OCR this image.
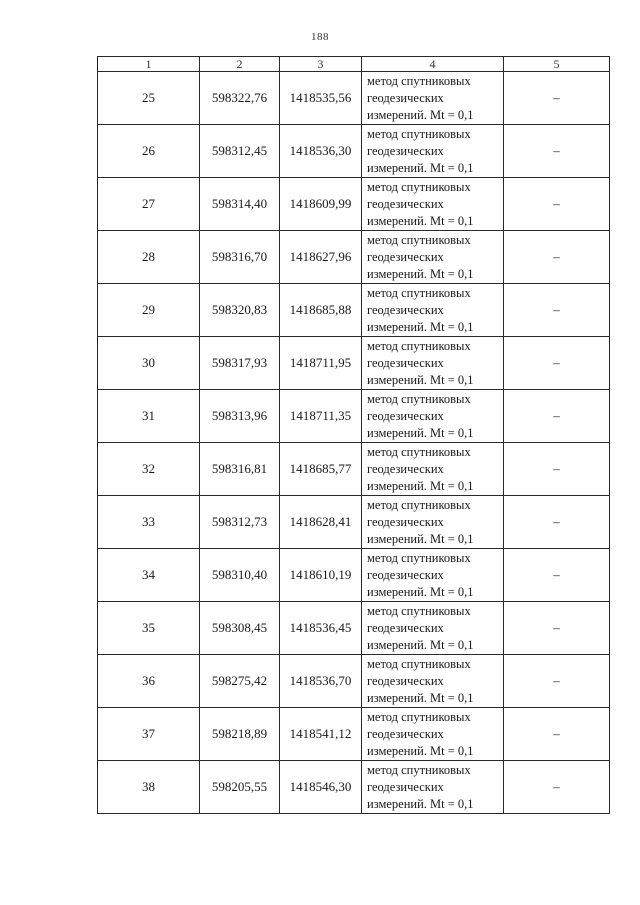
188
1	2	3	4	5
25	598322,76	1418535,56	метод спутниковых
геодезических
измерений. Mt = 0,1	–
26	598312,45	1418536,30	метод спутниковых
геодезических
измерений. Mt = 0,1	–
27	598314,40	1418609,99	метод спутниковых
геодезических
измерений. Mt = 0,1	–
28	598316,70	1418627,96	метод спутниковых
геодезических
измерений. Mt = 0,1	–
29	598320,83	1418685,88	метод спутниковых
геодезических
измерений. Mt = 0,1	–
30	598317,93	1418711,95	метод спутниковых
геодезических
измерений. Mt = 0,1	–
31	598313,96	1418711,35	метод спутниковых
геодезических
измерений. Mt = 0,1	–
32	598316,81	1418685,77	метод спутниковых
геодезических
измерений. Mt = 0,1	–
33	598312,73	1418628,41	метод спутниковых
геодезических
измерений. Mt = 0,1	–
34	598310,40	1418610,19	метод спутниковых
геодезических
измерений. Mt = 0,1	–
35	598308,45	1418536,45	метод спутниковых
геодезических
измерений. Mt = 0,1	–
36	598275,42	1418536,70	метод спутниковых
геодезических
измерений. Mt = 0,1	–
37	598218,89	1418541,12	метод спутниковых
геодезических
измерений. Mt = 0,1	–
38	598205,55	1418546,30	метод спутниковых
геодезических
измерений. Mt = 0,1	–
